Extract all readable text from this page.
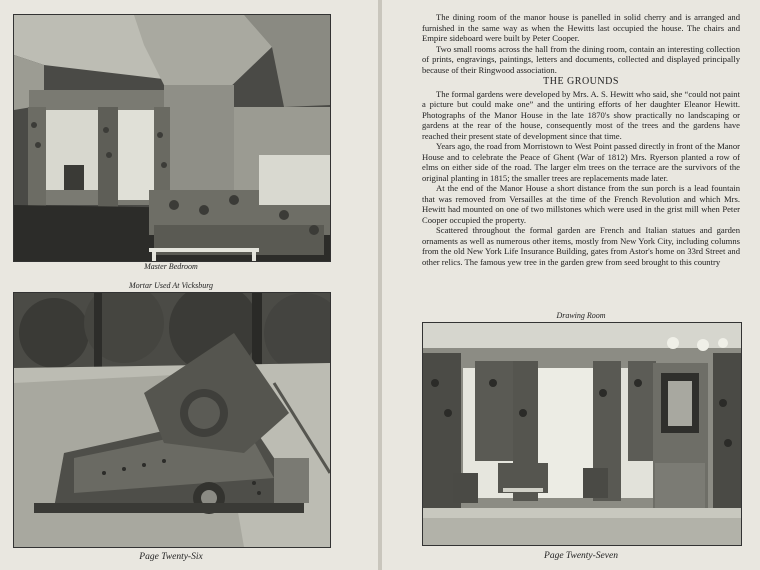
Master Bedroom
Mortar Used At Vicksburg
Page Twenty-Six

The dining room of the manor house is panelled in solid cherry and is arranged and furnished in the same way as when the Hewitts last occupied the house. The chairs and Empire sideboard were built by Peter Cooper.

Two small rooms across the hall from the dining room, contain an interesting collection of prints, engravings, paintings, letters and documents, collected and displayed principally because of their Ringwood association.

THE GROUNDS

The formal gardens were developed by Mrs. A. S. Hewitt who said, she “could not paint a picture but could make one” and the untiring efforts of her daughter Eleanor Hewitt. Photographs of the Manor House in the late 1870's show practically no landscaping or gardens at the rear of the house, consequently most of the trees and the gardens have reached their present state of development since that time.

Years ago, the road from Morristown to West Point passed directly in front of the Manor House and to celebrate the Peace of Ghent (War of 1812) Mrs. Ryerson planted a row of elms on either side of the road. The larger elm trees on the terrace are the survivors of the original planting in 1815; the smaller trees are replacements made later.

At the end of the Manor House a short distance from the sun porch is a lead fountain that was removed from Versailles at the time of the French Revolution and which Mrs. Hewitt had mounted on one of two millstones which were used in the grist mill when Peter Cooper occupied the property.

Scattered throughout the formal garden are French and Italian statues and garden ornaments as well as numerous other items, mostly from New York City, including columns from the old New York Life Insurance Building, gates from Astor's home on 33rd Street and other relics. The famous yew tree in the garden grew from seed brought to this country

Drawing Room
Page Twenty-Seven
